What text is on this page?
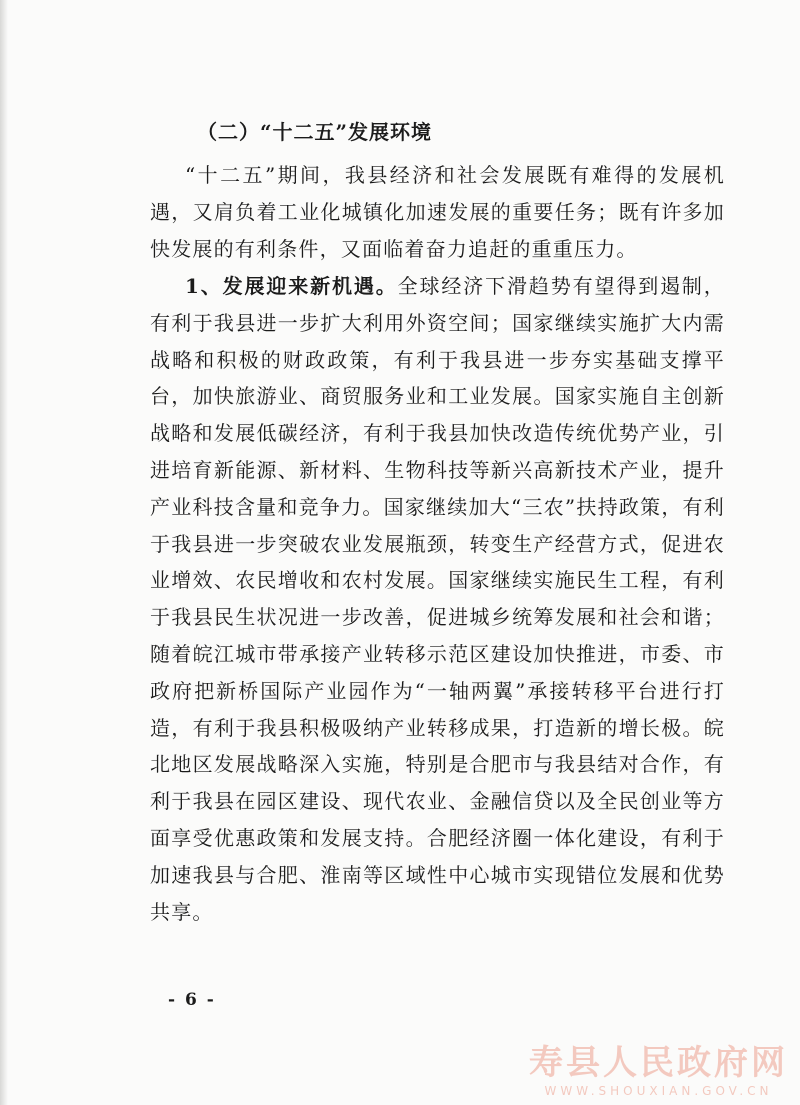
（二）“十二五”发展环境

“十二五”期间，我县经济和社会发展既有难得的发展机遇，又肩负着工业化城镇化加速发展的重要任务；既有许多加快发展的有利条件，又面临着奋力追赶的重重压力。

1、发展迎来新机遇。全球经济下滑趋势有望得到遏制，有利于我县进一步扩大利用外资空间；国家继续实施扩大内需战略和积极的财政政策，有利于我县进一步夯实基础支撑平台，加快旅游业、商贸服务业和工业发展。国家实施自主创新战略和发展低碳经济，有利于我县加快改造传统优势产业，引进培育新能源、新材料、生物科技等新兴高新技术产业，提升产业科技含量和竞争力。国家继续加大“三农”扶持政策，有利于我县进一步突破农业发展瓶颈，转变生产经营方式，促进农业增效、农民增收和农村发展。国家继续实施民生工程，有利于我县民生状况进一步改善，促进城乡统筹发展和社会和谐；随着皖江城市带承接产业转移示范区建设加快推进，市委、市政府把新桥国际产业园作为“一轴两翼”承接转移平台进行打造，有利于我县积极吸纳产业转移成果，打造新的增长极。皖北地区发展战略深入实施，特别是合肥市与我县结对合作，有利于我县在园区建设、现代农业、金融信贷以及全民创业等方面享受优惠政策和发展支持。合肥经济圈一体化建设，有利于加速我县与合肥、淮南等区域性中心城市实现错位发展和优势共享。

- 6 -
寿县人民政府网
WWW.SHOUXIAN.GOV.CN
